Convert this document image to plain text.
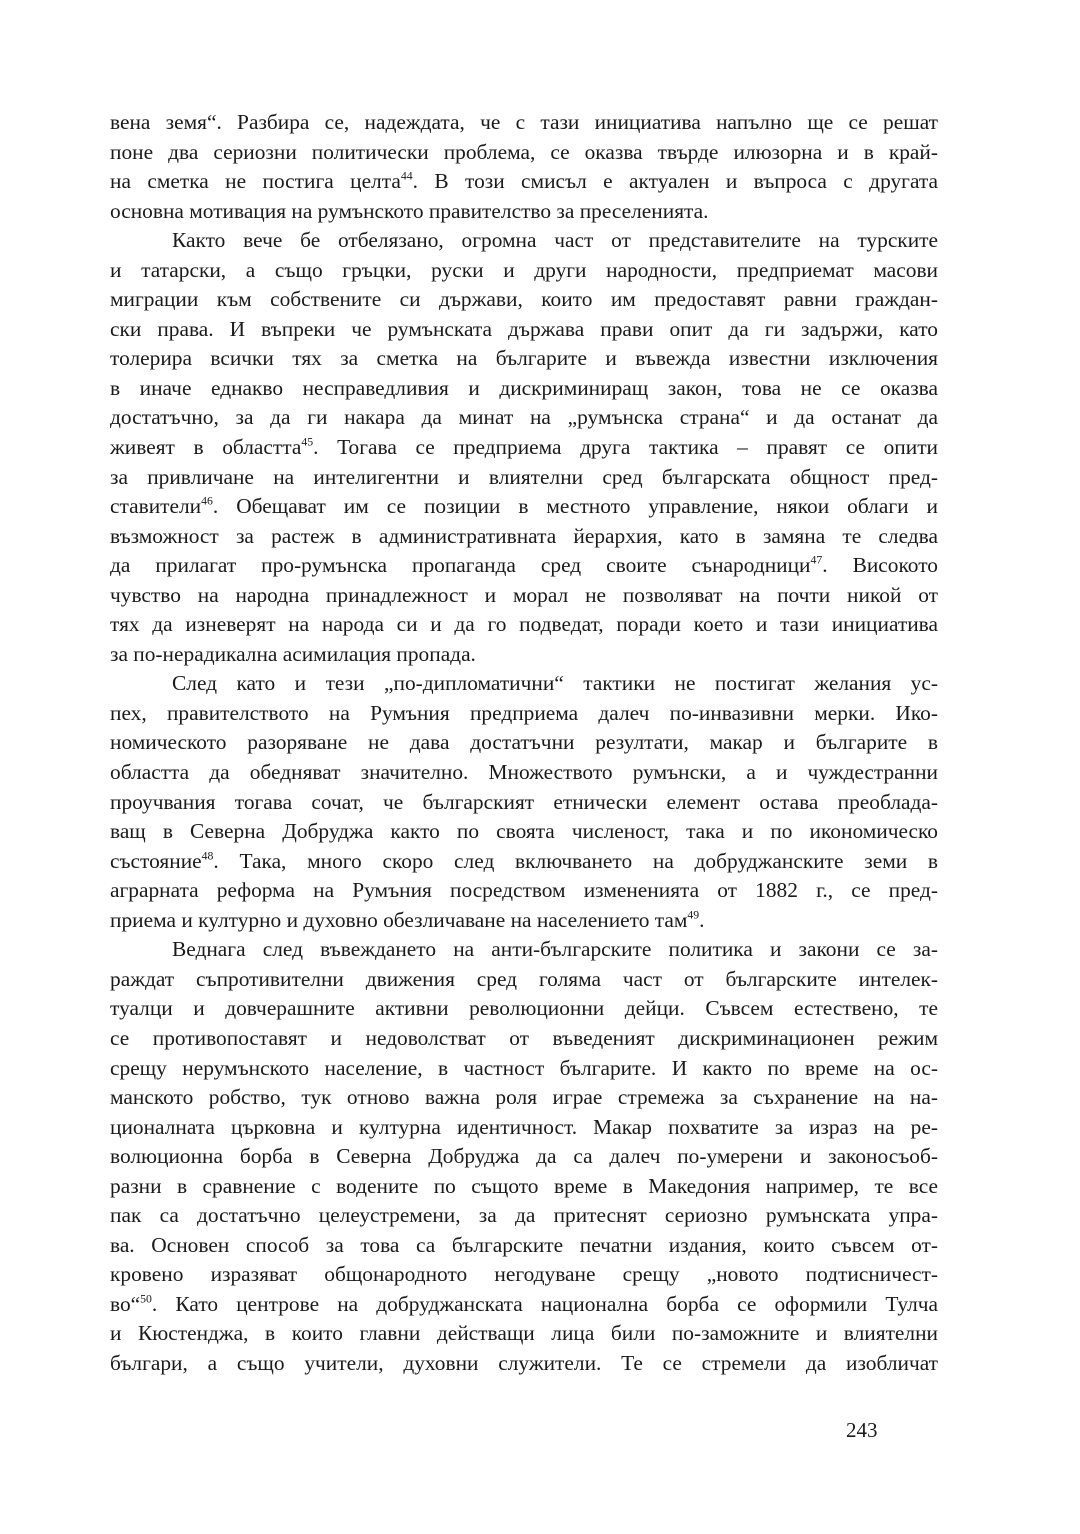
вена земя“. Разбира се, надеждата, че с тази инициатива напълно ще се решат
поне два сериозни политически проблема, се оказва твърде илюзорна и в край-
на сметка не постига целта$^{44}$. В този смисъл е актуален и въпроса с другата
основна мотивация на румънското правителство за преселенията.
Както вече бе отбелязано, огромна част от представителите на турските
и татарски, а също гръцки, руски и други народности, предприемат масови
миграции към собствените си държави, които им предоставят равни граждан-
ски права. И въпреки че румънската държава прави опит да ги задържи, като
толерира всички тях за сметка на българите и въвежда известни изключения
в иначе еднакво несправедливия и дискриминиращ закон, това не се оказва
достатъчно, за да ги накара да минат на „румънска страна“ и да останат да
живеят в областта$^{45}$. Тогава се предприема друга тактика – правят се опити
за привличане на интелигентни и влиятелни сред българската общност пред-
ставители$^{46}$. Обещават им се позиции в местното управление, някои облаги и
възможност за растеж в административната йерархия, като в замяна те следва
да прилагат про-румънска пропаганда сред своите сънародници$^{47}$. Високото
чувство на народна принадлежност и морал не позволяват на почти никой от
тях да изневерят на народа си и да го подведат, поради което и тази инициатива
за по-нерадикална асимилация пропада.
След като и тези „по-дипломатични“ тактики не постигат желания ус-
пех, правителството на Румъния предприема далеч по-инвазивни мерки. Ико-
номическото разоряване не дава достатъчни резултати, макар и българите в
областта да обедняват значително. Множеството румънски, а и чуждестранни
проучвания тогава сочат, че българският етнически елемент остава преоблада-
ващ в Северна Добруджа както по своята численост, така и по икономическо
състояние$^{48}$. Така, много скоро след включването на добруджанските земи в
аграрната реформа на Румъния посредством измененията от 1882 г., се пред-
приема и културно и духовно обезличаване на населението там$^{49}$.
Веднага след въвеждането на анти-българските политика и закони се за-
раждат съпротивителни движения сред голяма част от българските интелек-
туалци и довчерашните активни революционни дейци. Съвсем естествено, те
се противопоставят и недоволстват от въведеният дискриминационен режим
срещу нерумънското население, в частност българите. И както по време на ос-
манското робство, тук отново важна роля играе стремежа за съхранение на на-
ционалната църковна и културна идентичност. Макар похватите за израз на ре-
волюционна борба в Северна Добруджа да са далеч по-умерени и законосъоб-
разни в сравнение с водените по същото време в Македония например, те все
пак са достатъчно целеустремени, за да притеснят сериозно румънската упра-
ва. Основен способ за това са българските печатни издания, които съвсем от-
кровено изразяват общонародното негодуване срещу „новото подтисничест-
во“$^{50}$. Като центрове на добруджанската национална борба се оформили Тулча
и Кюстенджа, в които главни действащи лица били по-заможните и влиятелни
българи, а също учители, духовни служители. Те се стремели да изобличат
243
